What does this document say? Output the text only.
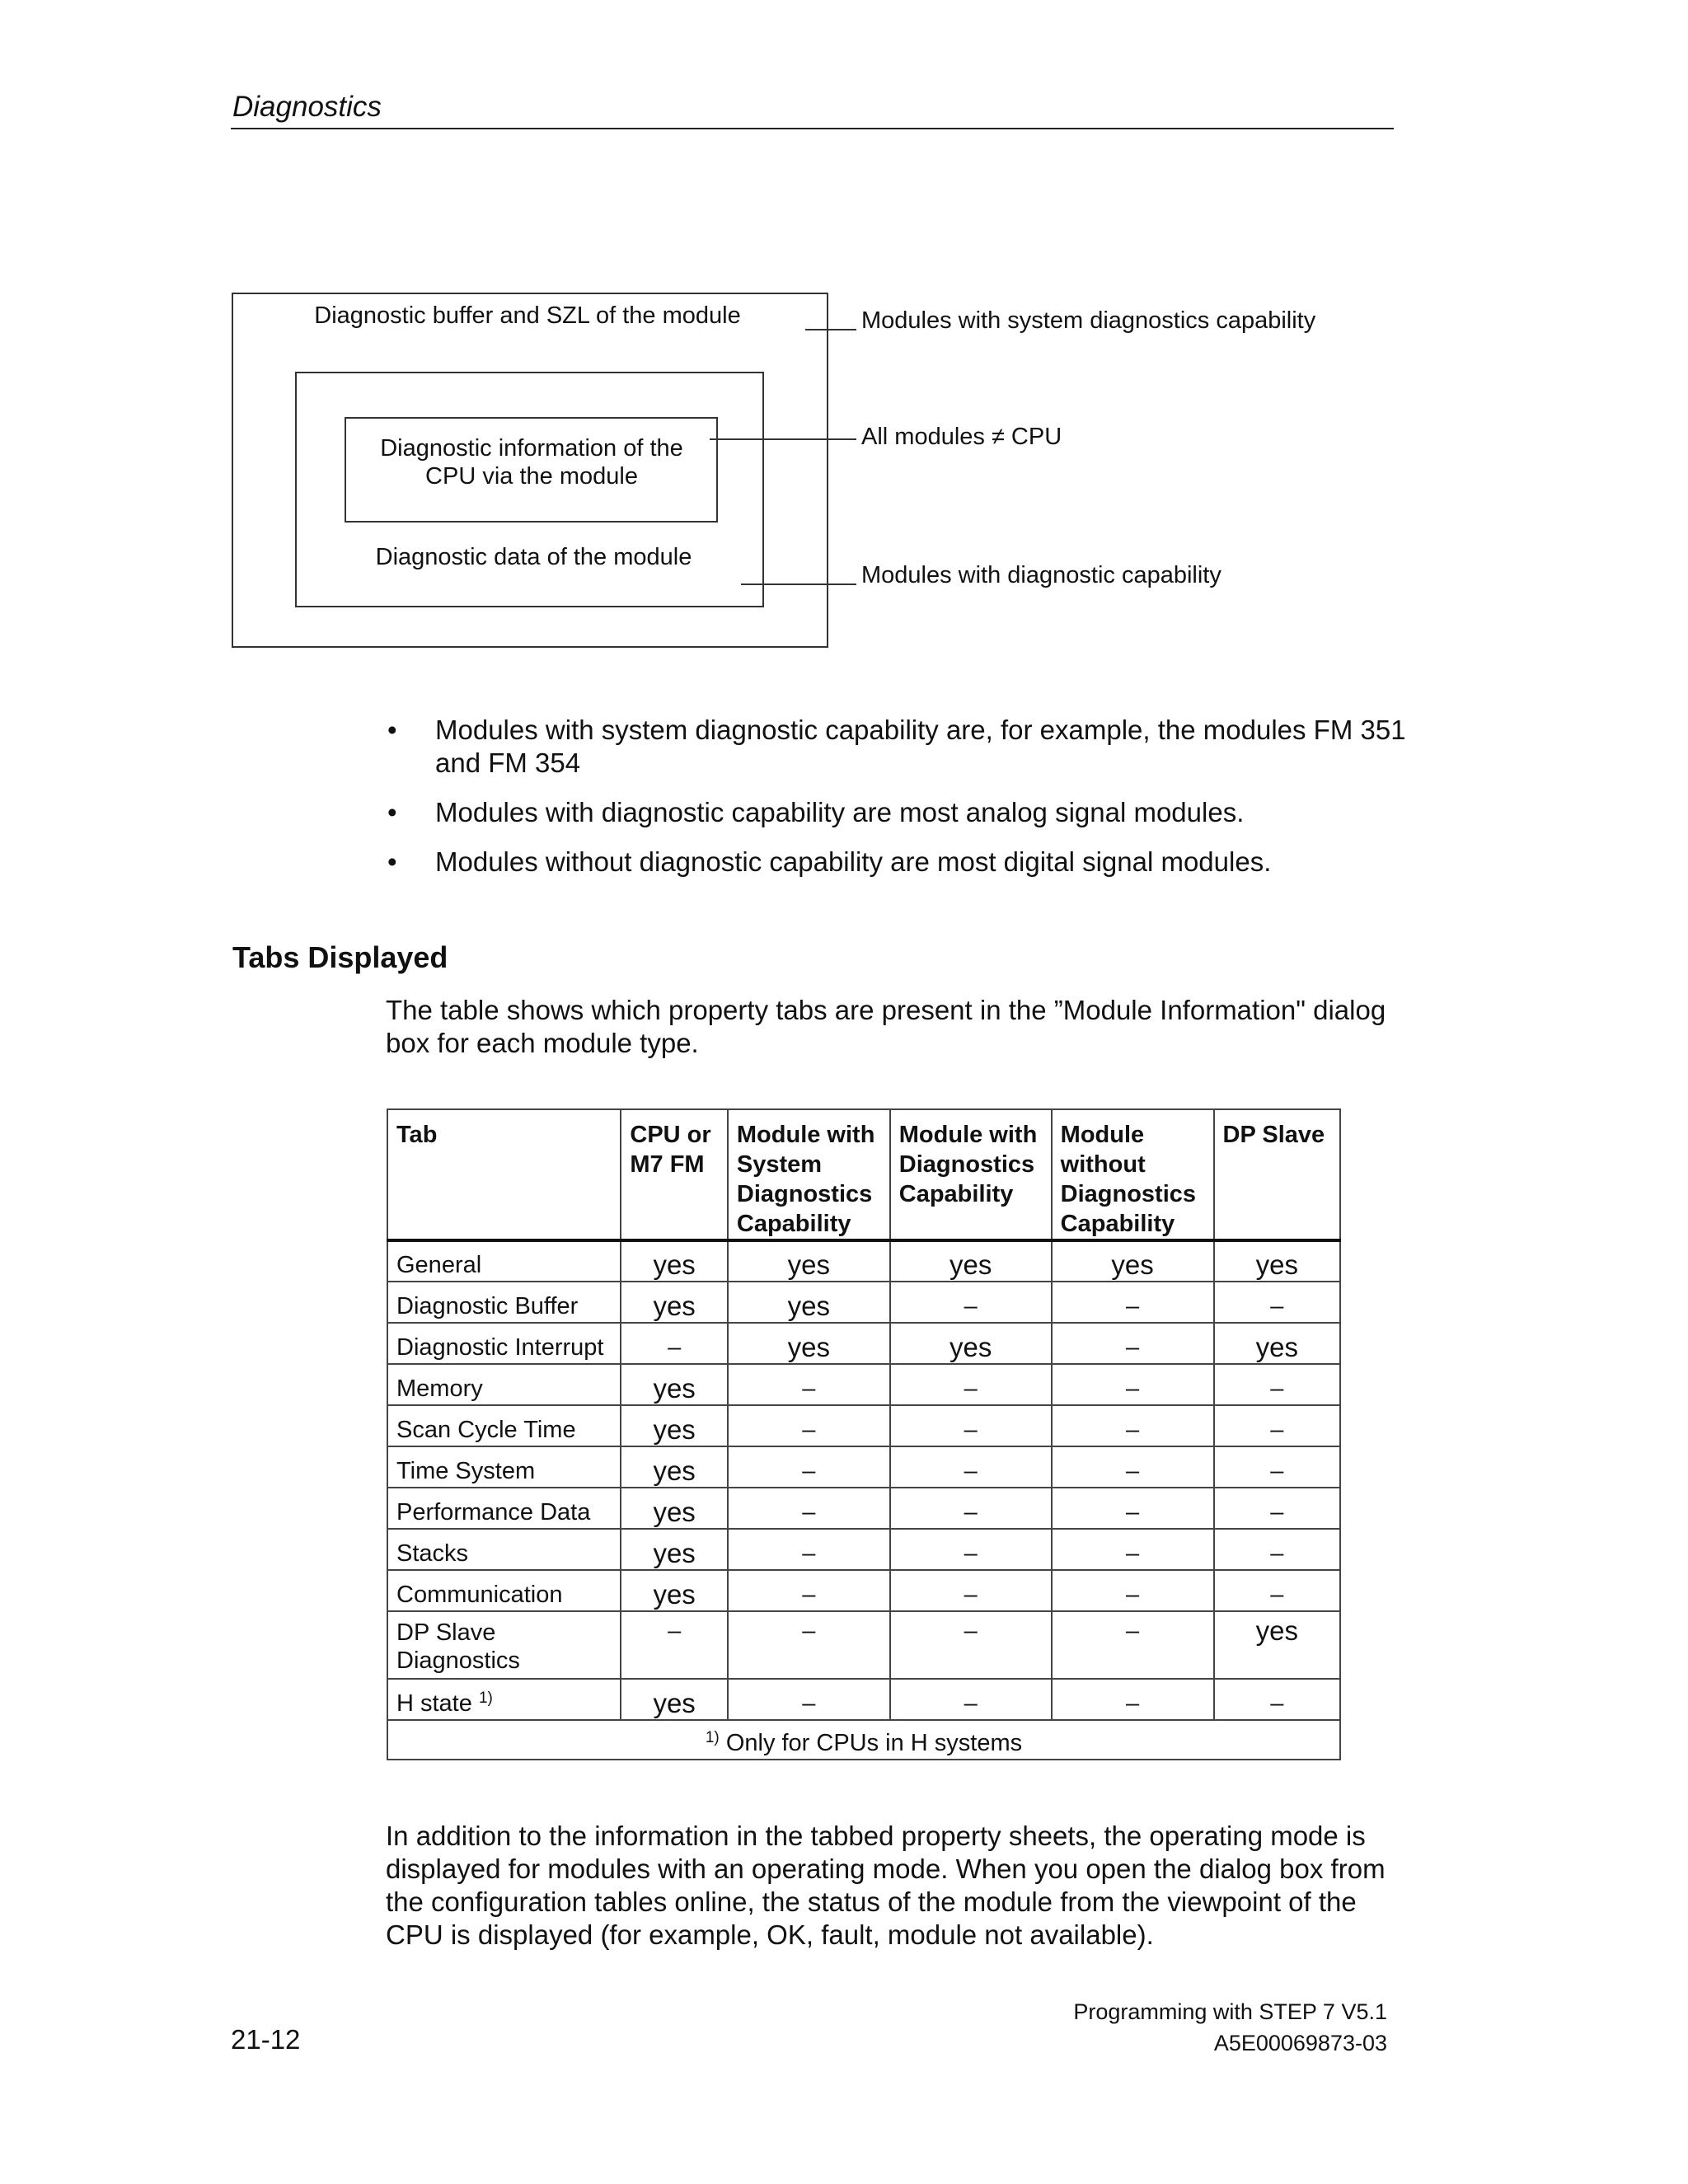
Diagnostics
Diagnostic buffer and SZL of the module
Diagnostic information of the CPU via the module
Diagnostic data of the module
Modules with system diagnostics capability
All modules ≠ CPU
Modules with diagnostic capability
• Modules with system diagnostic capability are, for example, the modules FM 351 and FM 354
• Modules with diagnostic capability are most analog signal modules.
• Modules without diagnostic capability are most digital signal modules.
Tabs Displayed
The table shows which property tabs are present in the ”Module Information" dialog box for each module type.
Tab	CPU or M7 FM	Module with System Diagnostics Capability	Module with Diagnostics Capability	Module without Diagnostics Capability	DP Slave
General	yes	yes	yes	yes	yes
Diagnostic Buffer	yes	yes	–	–	–
Diagnostic Interrupt	–	yes	yes	–	yes
Memory	yes	–	–	–	–
Scan Cycle Time	yes	–	–	–	–
Time System	yes	–	–	–	–
Performance Data	yes	–	–	–	–
Stacks	yes	–	–	–	–
Communication	yes	–	–	–	–
DP Slave Diagnostics	–	–	–	–	yes
H state $^{1)}$	yes	–	–	–	–
$^{1)}$ Only for CPUs in H systems					
In addition to the information in the tabbed property sheets, the operating mode is displayed for modules with an operating mode. When you open the dialog box from the configuration tables online, the status of the module from the viewpoint of the CPU is displayed (for example, OK, fault, module not available).
21-12
Programming with STEP 7 V5.1
A5E00069873-03
